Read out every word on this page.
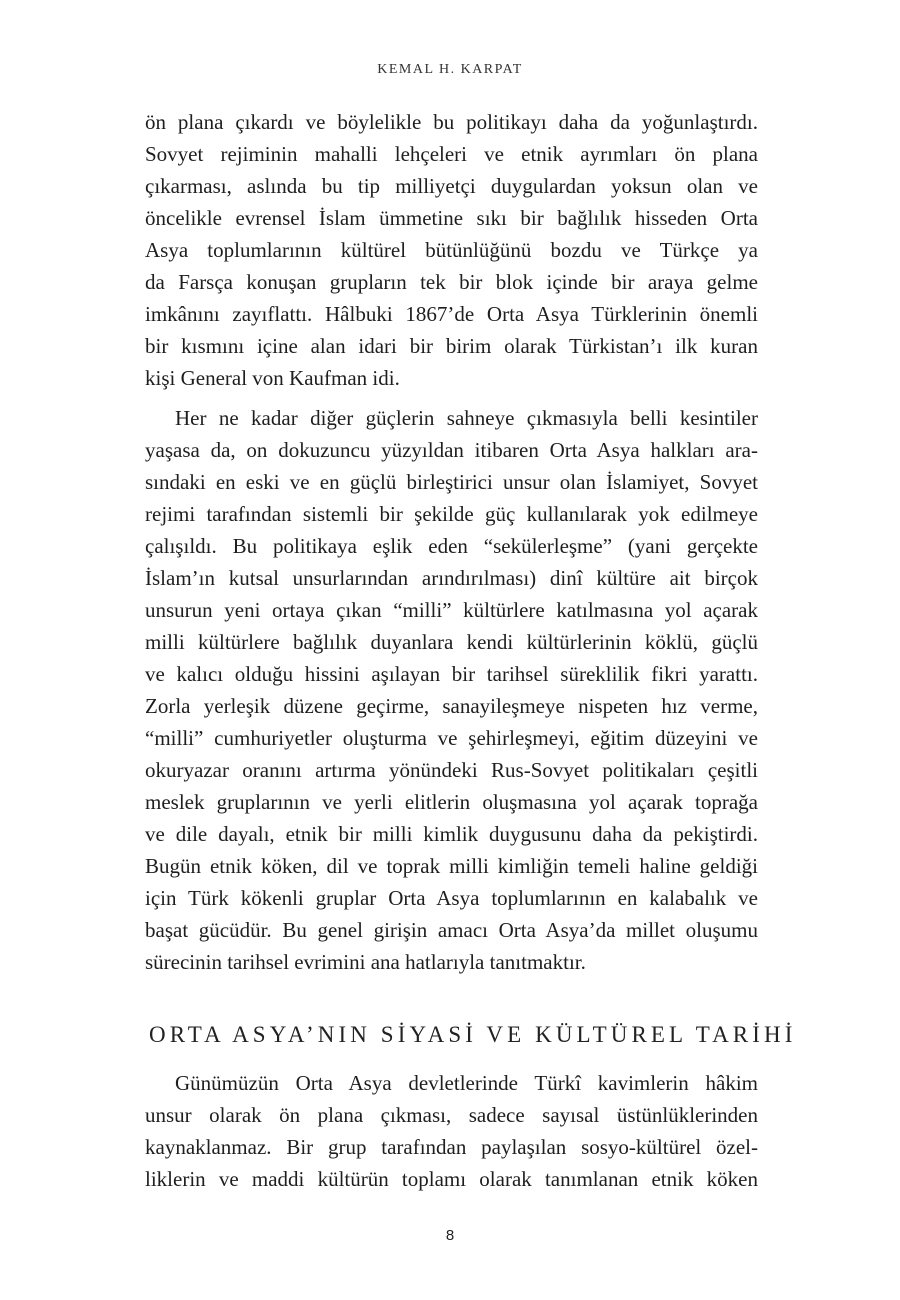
KEMAL H. KARPAT

ön plana çıkardı ve böylelikle bu politikayı daha da yoğunlaştırdı.
Sovyet rejiminin mahalli lehçeleri ve etnik ayrımları ön plana
çıkarması, aslında bu tip milliyetçi duygulardan yoksun olan ve
öncelikle evrensel İslam ümmetine sıkı bir bağlılık hisseden Orta
Asya toplumlarının kültürel bütünlüğünü bozdu ve Türkçe ya
da Farsça konuşan grupların tek bir blok içinde bir araya gelme
imkânını zayıflattı. Hâlbuki 1867’de Orta Asya Türklerinin önemli
bir kısmını içine alan idari bir birim olarak Türkistan’ı ilk kuran
kişi General von Kaufman idi.

Her ne kadar diğer güçlerin sahneye çıkmasıyla belli kesintiler
yaşasa da, on dokuzuncu yüzyıldan itibaren Orta Asya halkları ara-
sındaki en eski ve en güçlü birleştirici unsur olan İslamiyet, Sovyet
rejimi tarafından sistemli bir şekilde güç kullanılarak yok edilmeye
çalışıldı. Bu politikaya eşlik eden “sekülerleşme” (yani gerçekte
İslam’ın kutsal unsurlarından arındırılması) dinî kültüre ait birçok
unsurun yeni ortaya çıkan “milli” kültürlere katılmasına yol açarak
milli kültürlere bağlılık duyanlara kendi kültürlerinin köklü, güçlü
ve kalıcı olduğu hissini aşılayan bir tarihsel süreklilik fikri yarattı.
Zorla yerleşik düzene geçirme, sanayileşmeye nispeten hız verme,
“milli” cumhuriyetler oluşturma ve şehirleşmeyi, eğitim düzeyini ve
okuryazar oranını artırma yönündeki Rus-Sovyet politikaları çeşitli
meslek gruplarının ve yerli elitlerin oluşmasına yol açarak toprağa
ve dile dayalı, etnik bir milli kimlik duygusunu daha da pekiştirdi.
Bugün etnik köken, dil ve toprak milli kimliğin temeli haline geldiği
için Türk kökenli gruplar Orta Asya toplumlarının en kalabalık ve
başat gücüdür. Bu genel girişin amacı Orta Asya’da millet oluşumu
sürecinin tarihsel evrimini ana hatlarıyla tanıtmaktır.

ORTA ASYA’NIN SİYASİ VE KÜLTÜREL TARİHİ

Günümüzün Orta Asya devletlerinde Türkî kavimlerin hâkim
unsur olarak ön plana çıkması, sadece sayısal üstünlüklerinden
kaynaklanmaz. Bir grup tarafından paylaşılan sosyo-kültürel özel-
liklerin ve maddi kültürün toplamı olarak tanımlanan etnik köken

8
